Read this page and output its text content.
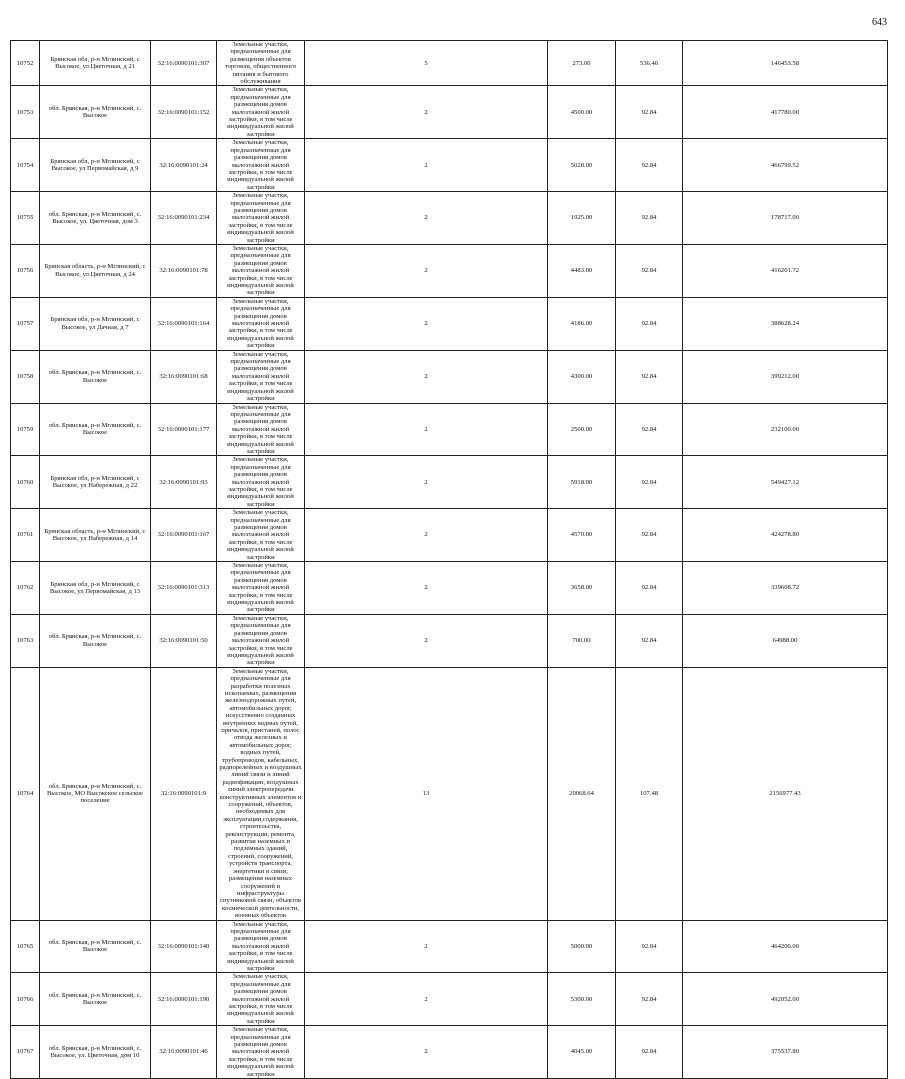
643
10752	Брянская обл, р-н Мглинский, с Высокое, ул Цветочная, д 21	32:16:0090101:307	Земельные участки, предназначенные для размещения объектов торговли, общественного питания и бытового обслуживания	5	273.00	536.46	146453.58
10753	обл. Брянская, р-н Мглинский, с. Высокое	32:16:0090101:152	Земельные участки, предназначенные для размещения домов малоэтажной жилой застройки, в том числе индивидуальной жилой застройки	2	4500.00	92.84	417780.00
10754	Брянская обл, р-н Мглинский, с Высокое, ул Первомайская, д 9	32:16:0090101:24	Земельные участки, предназначенные для размещения домов малоэтажной жилой застройки, в том числе индивидуальной жилой застройки	2	5028.00	92.84	466799.52
10755	обл. Брянская, р-н Мглинский, с. Высокое, ул. Цветочная, дом 3	32:16:0090101:234	Земельные участки, предназначенные для размещения домов малоэтажной жилой застройки, в том числе индивидуальной жилой застройки	2	1925.00	92.84	178717.00
10756	Брянская область, р-н Мглинский, с Высокое, ул Цветочная, д 24	32:16:0090101:78	Земельные участки, предназначенные для размещения домов малоэтажной жилой застройки, в том числе индивидуальной жилой застройки	2	4483.00	92.84	416201.72
10757	Брянская обл, р-н Мглинский, с Высокое, ул Дачная, д 7	32:16:0090101:164	Земельные участки, предназначенные для размещения домов малоэтажной жилой застройки, в том числе индивидуальной жилой застройки	2	4186.00	92.84	388628.24
10758	обл. Брянская, р-н Мглинский, с. Высокое	32:16:0090101:68	Земельные участки, предназначенные для размещения домов малоэтажной жилой застройки, в том числе индивидуальной жилой застройки	2	4300.00	92.84	399212.00
10759	обл. Брянская, р-н Мглинский, с. Высокое	32:16:0090101:177	Земельные участки, предназначенные для размещения домов малоэтажной жилой застройки, в том числе индивидуальной жилой застройки	2	2500.00	92.84	232100.00
10760	Брянская обл, р-н Мглинский, с Высокое, ул Набережная, д 22	32:16:0090101:93	Земельные участки, предназначенные для размещения домов малоэтажной жилой застройки, в том числе индивидуальной жилой застройки	2	5918.00	92.84	549427.12
10761	Брянская область, р-н Мглинский, с Высокое, ул Набережная, д 14	32:16:0090101:167	Земельные участки, предназначенные для размещения домов малоэтажной жилой застройки, в том числе индивидуальной жилой застройки	2	4570.00	92.84	424278.80
10762	Брянская обл, р-н Мглинский, с Высокое, ул Первомайская, д 13	32:16:0090101:313	Земельные участки, предназначенные для размещения домов малоэтажной жилой застройки, в том числе индивидуальной жилой застройки	2	3658.00	92.84	339608.72
10763	обл. Брянская, р-н Мглинский, с. Высокое	32:16:0090101:50	Земельные участки, предназначенные для размещения домов малоэтажной жилой застройки, в том числе индивидуальной жилой застройки	2	700.00	92.84	64988.00
10764	обл. Брянская, р-н Мглинский, с. Высокое, МО Высокское сельское поселение	32:16:0090101:9	Земельные участки, предназначенные для разработки полезных ископаемых, размещения железнодорожных путей, автомобильных дорог, искусственно созданных внутренних водных путей, причалов, пристаней, полос отвода железных и автомобильных дорог, водных путей, трубопроводов, кабельных, радиорелейных и воздушных линий связи и линий радиофикации, воздушных линий электропередачи конструктивных элементов и сооружений, объектов, необходимых для эксплуатации,содержания, строительства, реконструкции, ремонта, развития наземных и подземных зданий, строений, сооружений, устройств транспорта, энергетики и связи; размещения наземных сооружений и инфраструктуры спутниковой связи, объектов космической деятельности, военных объектов	13	20068.64	107.48	2156977.43
10765	обл. Брянская, р-н Мглинский, с. Высокое	32:16:0090101:140	Земельные участки, предназначенные для размещения домов малоэтажной жилой застройки, в том числе индивидуальной жилой застройки	2	5000.00	92.84	464200.00
10766	обл. Брянская, р-н Мглинский, с. Высокое	32:16:0090101:190	Земельные участки, предназначенные для размещения домов малоэтажной жилой застройки, в том числе индивидуальной жилой застройки	2	5300.00	92.84	492052.00
10767	обл. Брянская, р-н Мглинский, с. Высокое, ул. Цветочная, дом 10	32:16:0090101:46	Земельные участки, предназначенные для размещения домов малоэтажной жилой застройки, в том числе индивидуальной жилой застройки	2	4045.00	92.84	375537.80
